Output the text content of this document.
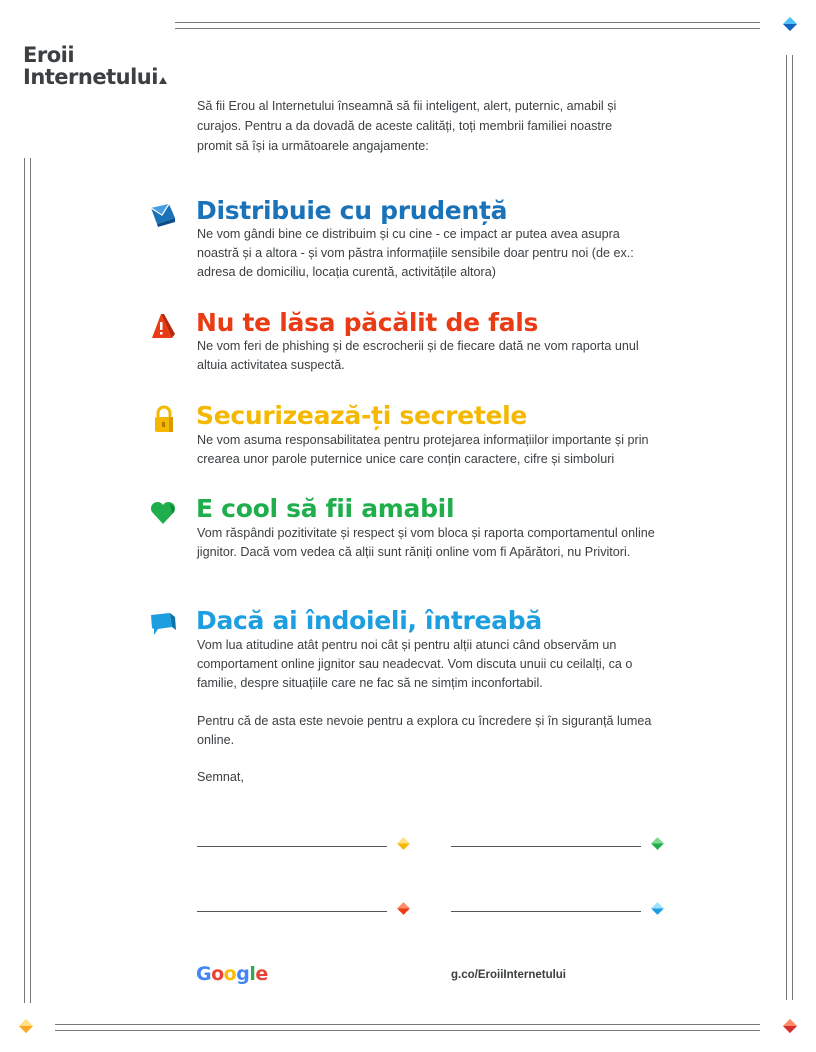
Eroii
Internetului
Să fii Erou al Internetului înseamnă să fii inteligent, alert, puternic, amabil și curajos. Pentru a da dovadă de aceste calități, toți membrii familiei noastre promit să își ia următoarele angajamente:
Distribuie cu prudență
Ne vom gândi bine ce distribuim și cu cine - ce impact ar putea avea asupra noastră și a altora - și vom păstra informațiile sensibile doar pentru noi (de ex.: adresa de domiciliu, locația curentă, activitățile altora)
Nu te lăsa păcălit de fals
Ne vom feri de phishing și de escrocherii și de fiecare dată ne vom raporta unul altuia activitatea suspectă.
Securizează-ți secretele
Ne vom asuma responsabilitatea pentru protejarea informațiilor importante și prin crearea unor parole puternice unice care conțin caractere, cifre și simboluri
E cool să fii amabil
Vom răspândi pozitivitate și respect și vom bloca și raporta comportamentul online jignitor. Dacă vom vedea că alții sunt răniți online vom fi Apărători, nu Privitori.
Dacă ai îndoieli, întreabă
Vom lua atitudine atât pentru noi cât și pentru alții atunci când observăm un comportament online jignitor sau neadecvat. Vom discuta unuii cu ceilalți, ca o familie, despre situațiile care ne fac să ne simțim inconfortabil.
Pentru că de asta este nevoie pentru a explora cu încredere și în siguranță lumea online.
Semnat,
Google	g.co/EroiiInternetului
